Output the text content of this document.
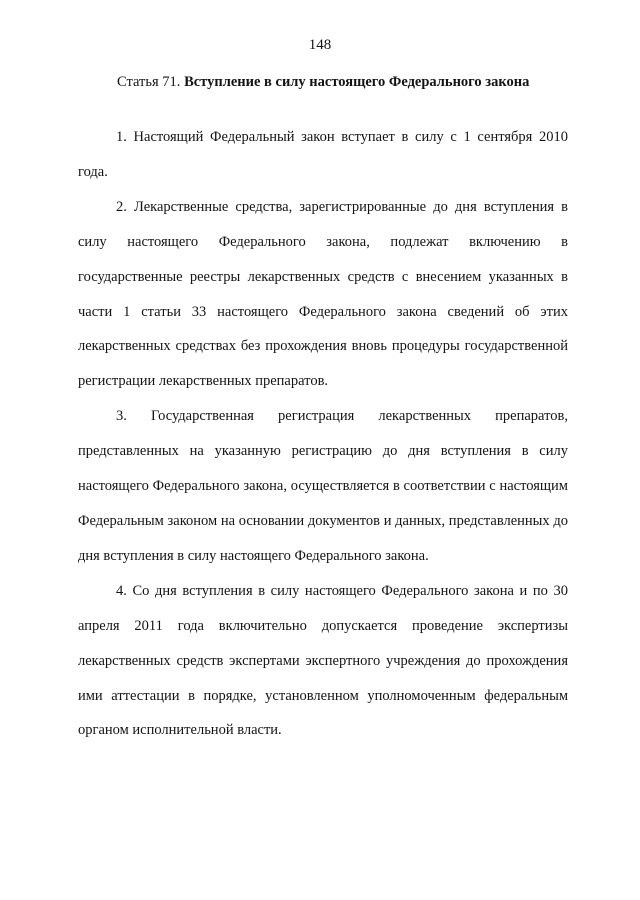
148
Статья 71. Вступление в силу настоящего Федерального закона

1. Настоящий Федеральный закон вступает в силу с 1 сентября 2010 года.

2. Лекарственные средства, зарегистрированные до дня вступления в силу настоящего Федерального закона, подлежат включению в государственные реестры лекарственных средств с внесением указанных в части 1 статьи 33 настоящего Федерального закона сведений об этих лекарственных средствах без прохождения вновь процедуры государственной регистрации лекарственных препаратов.

3. Государственная регистрация лекарственных препаратов, представленных на указанную регистрацию до дня вступления в силу настоящего Федерального закона, осуществляется в соответствии с настоящим Федеральным законом на основании документов и данных, представленных до дня вступления в силу настоящего Федерального закона.

4. Со дня вступления в силу настоящего Федерального закона и по 30 апреля 2011 года включительно допускается проведение экспертизы лекарственных средств экспертами экспертного учреждения до прохождения ими аттестации в порядке, установленном уполномоченным федеральным органом исполнительной власти.
